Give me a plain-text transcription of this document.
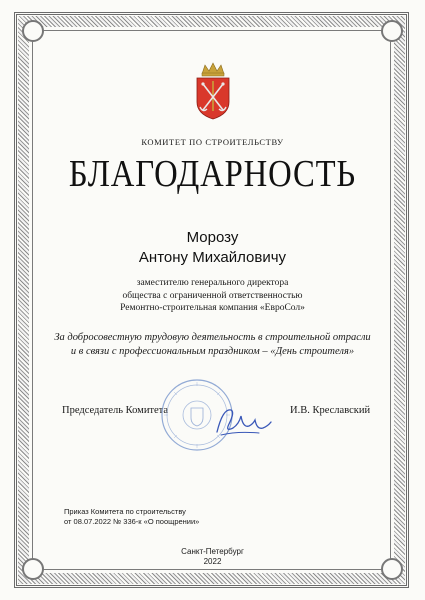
КОМИТЕТ ПО СТРОИТЕЛЬСТВУ
БЛАГОДАРНОСТЬ
Морозу
Антону Михайловичу
заместителю генерального директора
общества с ограниченной ответственностью
Ремонтно-строительная компания «ЕвроСол»
За добросовестную трудовую деятельность в строительной отрасли
и в связи с профессиональным праздником – «День строителя»
Председатель Комитета	И.В. Креславский
Приказ Комитета по строительству
от 08.07.2022 № 336-к «О поощрении»
Санкт-Петербург
2022
